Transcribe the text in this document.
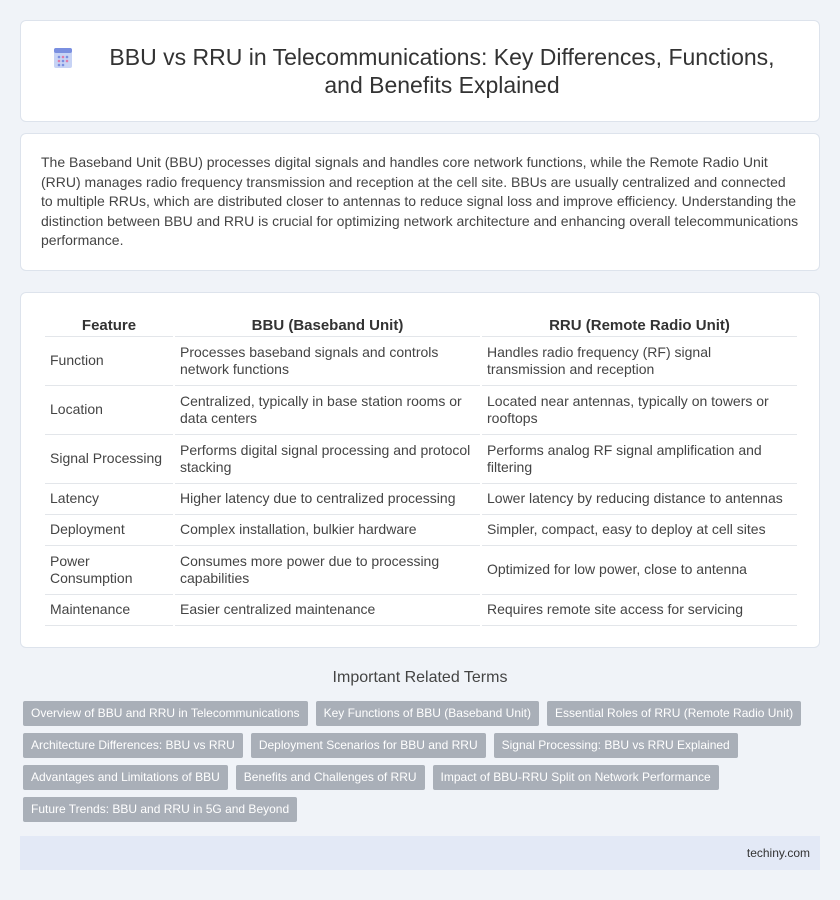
BBU vs RRU in Telecommunications: Key Differences, Functions, and Benefits Explained

The Baseband Unit (BBU) processes digital signals and handles core network functions, while the Remote Radio Unit (RRU) manages radio frequency transmission and reception at the cell site. BBUs are usually centralized and connected to multiple RRUs, which are distributed closer to antennas to reduce signal loss and improve efficiency. Understanding the distinction between BBU and RRU is crucial for optimizing network architecture and enhancing overall telecommunications performance.

Feature	BBU (Baseband Unit)	RRU (Remote Radio Unit)
Function	Processes baseband signals and controls network functions	Handles radio frequency (RF) signal transmission and reception
Location	Centralized, typically in base station rooms or data centers	Located near antennas, typically on towers or rooftops
Signal Processing	Performs digital signal processing and protocol stacking	Performs analog RF signal amplification and filtering
Latency	Higher latency due to centralized processing	Lower latency by reducing distance to antennas
Deployment	Complex installation, bulkier hardware	Simpler, compact, easy to deploy at cell sites
Power Consumption	Consumes more power due to processing capabilities	Optimized for low power, close to antenna
Maintenance	Easier centralized maintenance	Requires remote site access for servicing
Important Related Terms
Overview of BBU and RRU in Telecommunications	Key Functions of BBU (Baseband Unit)	Essential Roles of RRU (Remote Radio Unit)
Architecture Differences: BBU vs RRU	Deployment Scenarios for BBU and RRU	Signal Processing: BBU vs RRU Explained
Advantages and Limitations of BBU	Benefits and Challenges of RRU	Impact of BBU-RRU Split on Network Performance
Future Trends: BBU and RRU in 5G and Beyond
techiny.com
